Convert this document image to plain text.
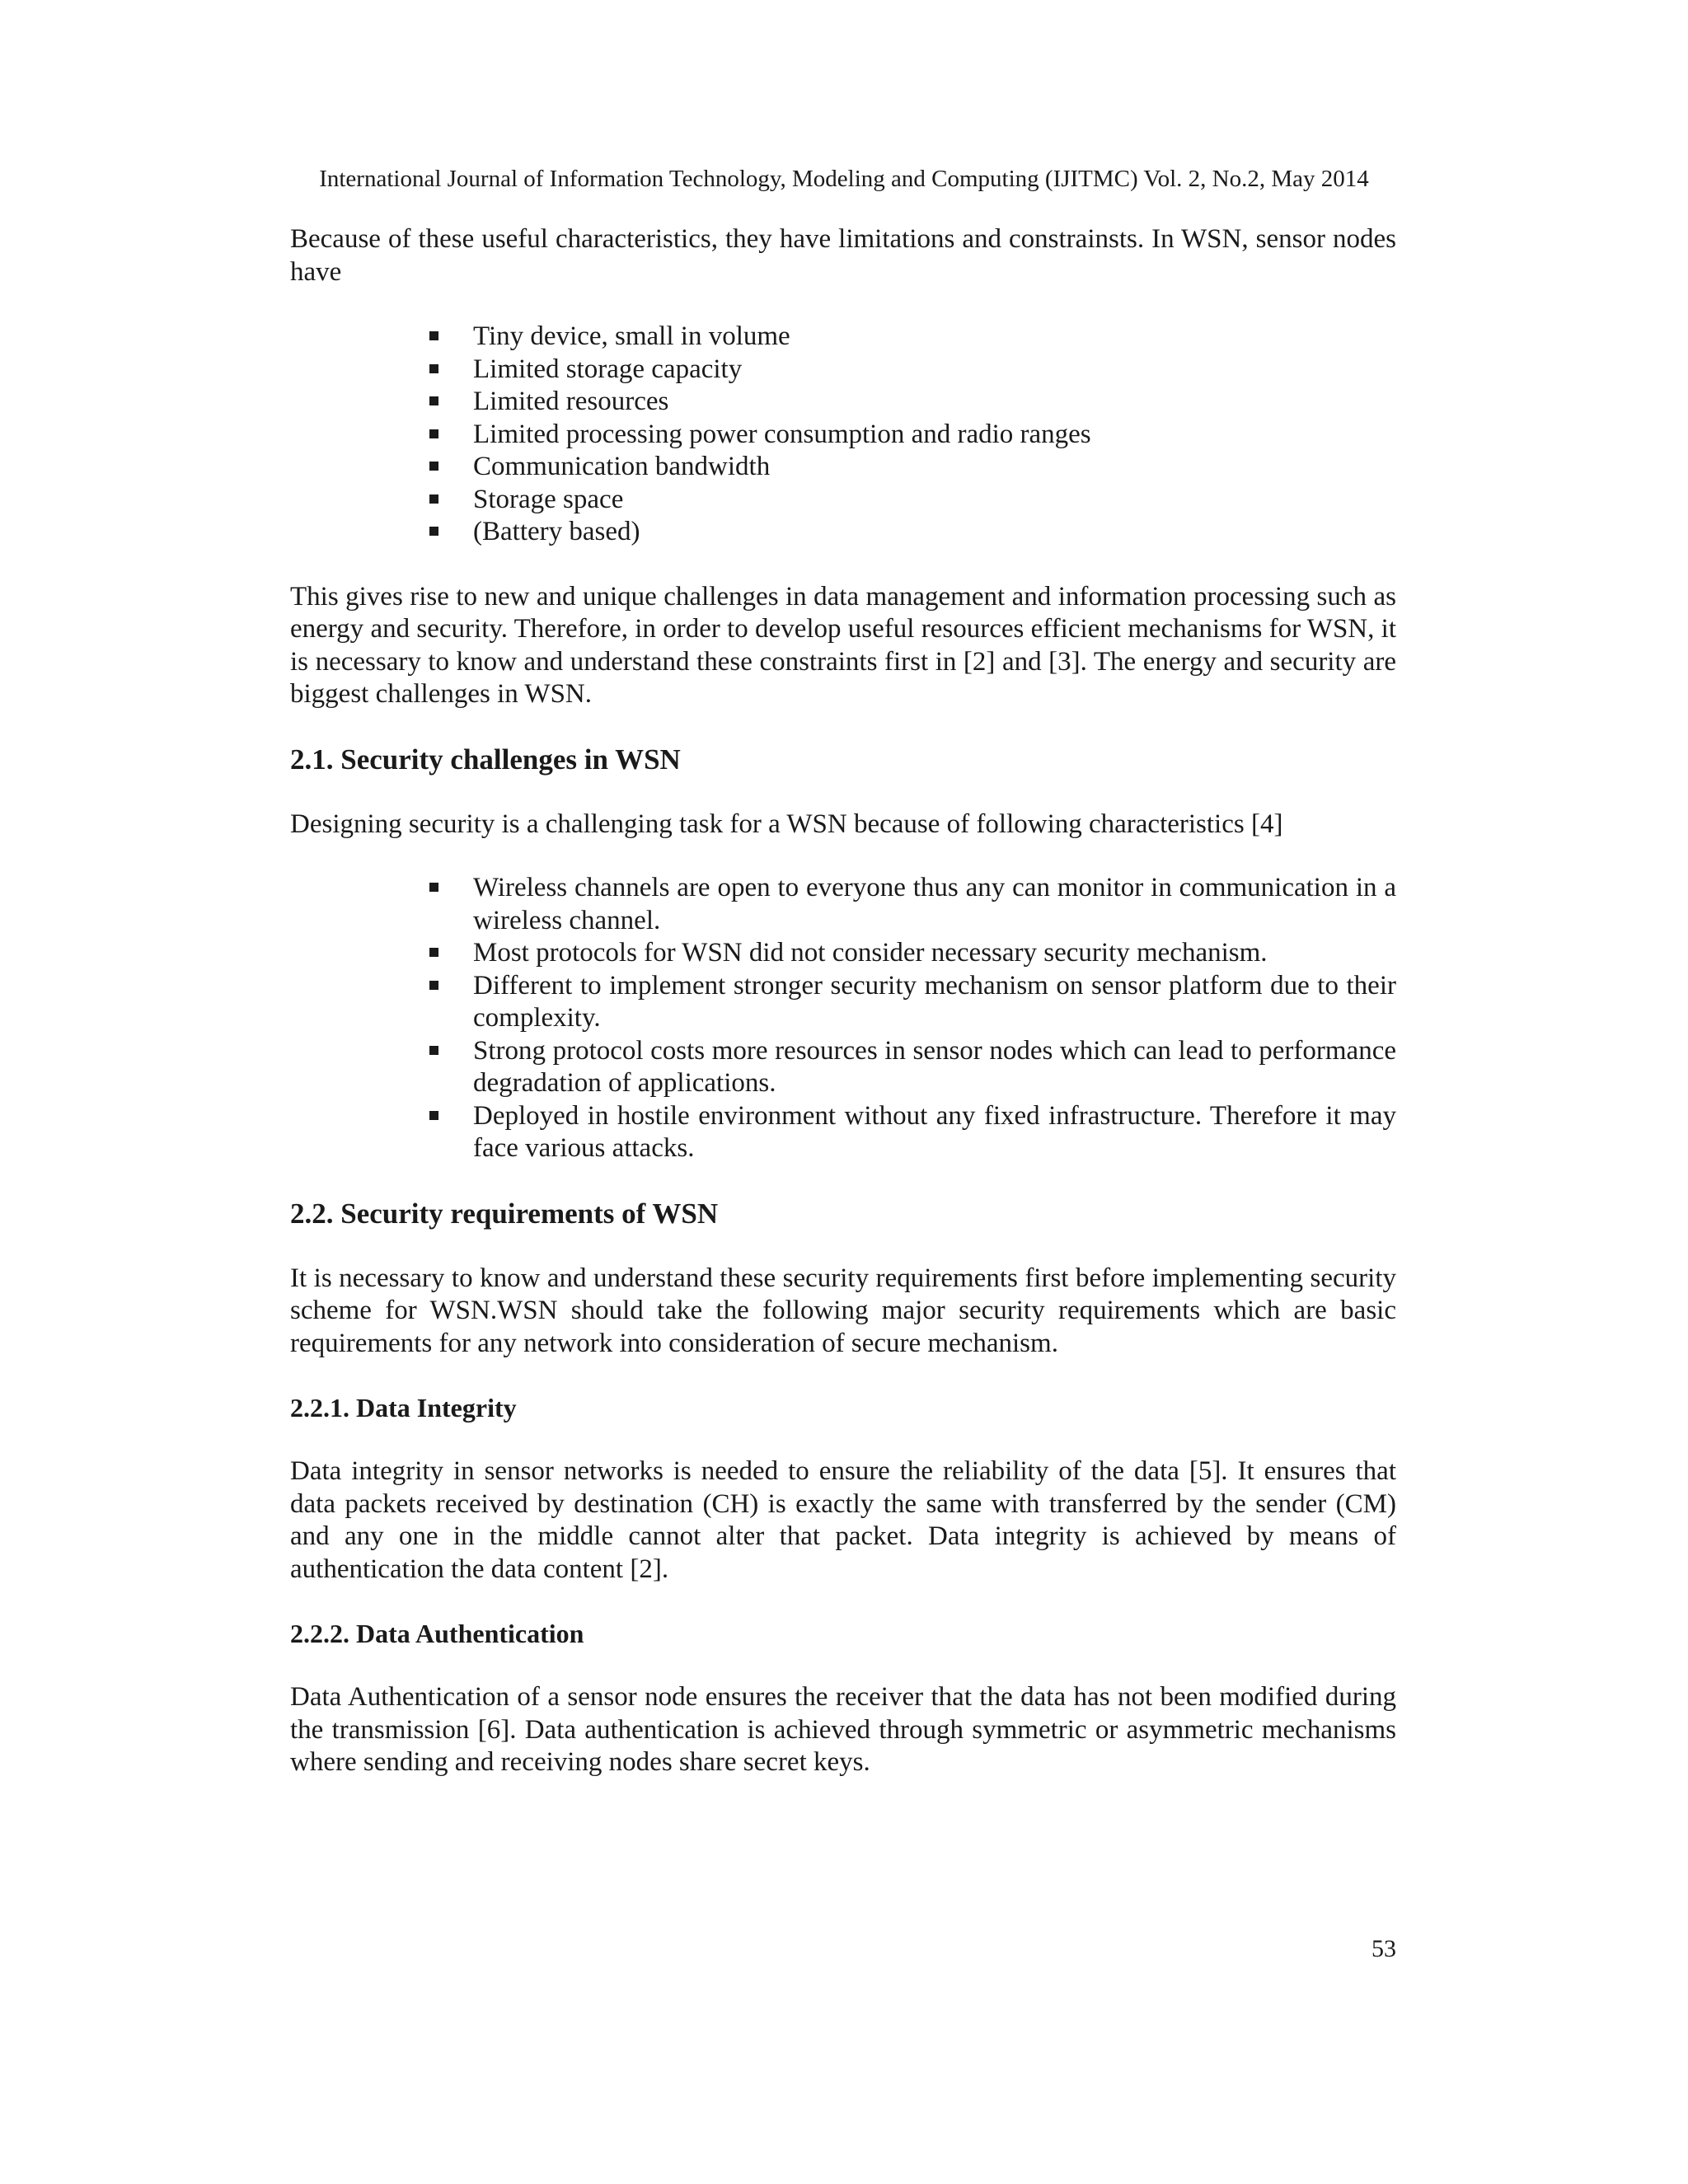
International Journal of Information Technology, Modeling and Computing (IJITMC) Vol. 2, No.2, May 2014

Because of these useful characteristics, they have limitations and constrainsts. In WSN, sensor nodes have

Tiny device, small in volume
Limited storage capacity
Limited resources
Limited processing power consumption and radio ranges
Communication bandwidth
Storage space
(Battery based)

This gives rise to new and unique challenges in data management and information processing such as energy and security. Therefore, in order to develop useful resources efficient mechanisms for WSN, it is necessary to know and understand these constraints first in [2] and [3]. The energy and security are biggest challenges in WSN.

2.1. Security challenges in WSN

Designing security is a challenging task for a WSN because of following characteristics [4]

Wireless channels are open to everyone thus any can monitor in communication in a wireless channel.
Most protocols for WSN did not consider necessary security mechanism.
Different to implement stronger security mechanism on sensor platform due to their complexity.
Strong protocol costs more resources in sensor nodes which can lead to performance degradation of applications.
Deployed in hostile environment without any fixed infrastructure. Therefore it may face various attacks.
2.2. Security requirements of WSN

It is necessary to know and understand these security requirements first before implementing security scheme for WSN.WSN should take the following major security requirements which are basic requirements for any network into consideration of secure mechanism.

2.2.1. Data Integrity

Data integrity in sensor networks is needed to ensure the reliability of the data [5]. It ensures that data packets received by destination (CH) is exactly the same with transferred by the sender (CM) and any one in the middle cannot alter that packet. Data integrity is achieved by means of authentication the data content [2].

2.2.2. Data Authentication

Data Authentication of a sensor node ensures the receiver that the data has not been modified during the transmission [6]. Data authentication is achieved through symmetric or asymmetric mechanisms where sending and receiving nodes share secret keys.

53
